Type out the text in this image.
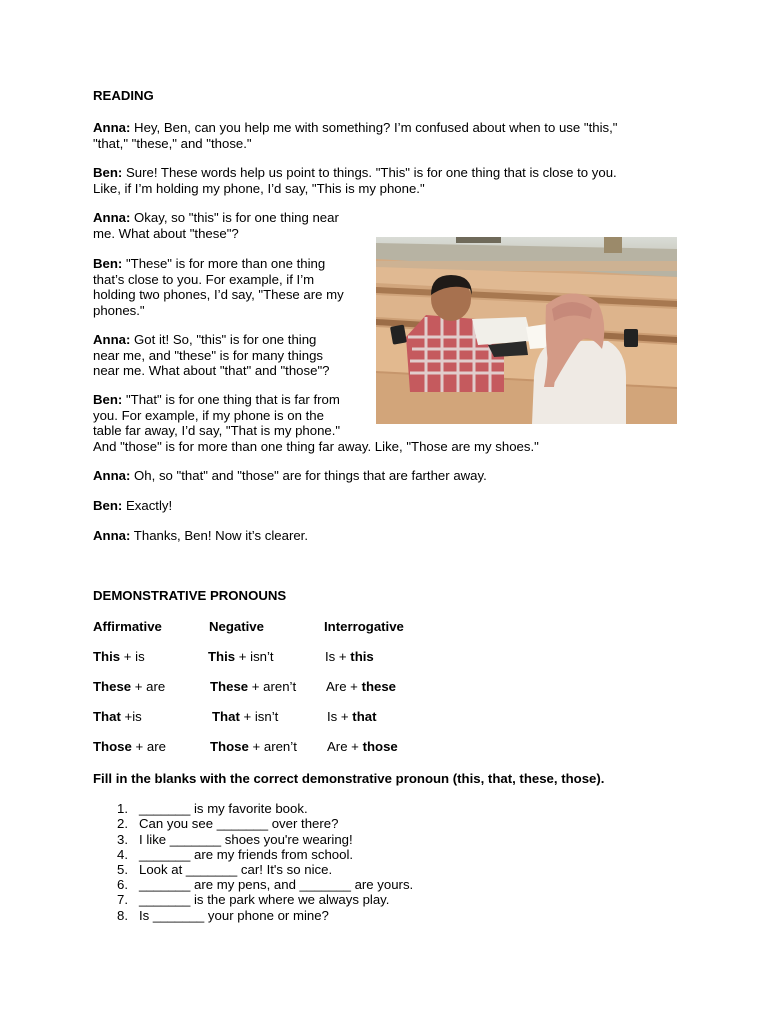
READING
Anna: Hey, Ben, can you help me with something? I’m confused about when to use "this,"
"that," "these," and "those."
Ben: Sure! These words help us point to things. "This" is for one thing that is close to you.
Like, if I’m holding my phone, I’d say, "This is my phone."
Anna: Okay, so "this" is for one thing near
me. What about "these"?
Ben: "These" is for more than one thing
that’s close to you. For example, if I’m
holding two phones, I’d say, "These are my
phones."
Anna: Got it! So, "this" is for one thing
near me, and "these" is for many things
near me. What about "that" and "those"?
Ben: "That" is for one thing that is far from
you. For example, if my phone is on the
table far away, I’d say, "That is my phone."
And "those" is for more than one thing far away. Like, "Those are my shoes."
Anna: Oh, so "that" and "those" are for things that are farther away.
Ben: Exactly!
Anna: Thanks, Ben! Now it’s clearer.
DEMONSTRATIVE PRONOUNS
Affirmative	Negative	Interrogative
This + is	This + isn’t	Is + this
These + are	These + aren’t Are + these
That +is	That + isn’t	Is + that
Those + are	Those + aren’t Are + those
Fill in the blanks with the correct demonstrative pronoun (this, that, these, those).
1. _______ is my favorite book.
2. Can you see _______ over there?
3. I like _______ shoes you're wearing!
4. _______ are my friends from school.
5. Look at _______ car! It's so nice.
6. _______ are my pens, and _______ are yours.
7. _______ is the park where we always play.
8. Is _______ your phone or mine?
